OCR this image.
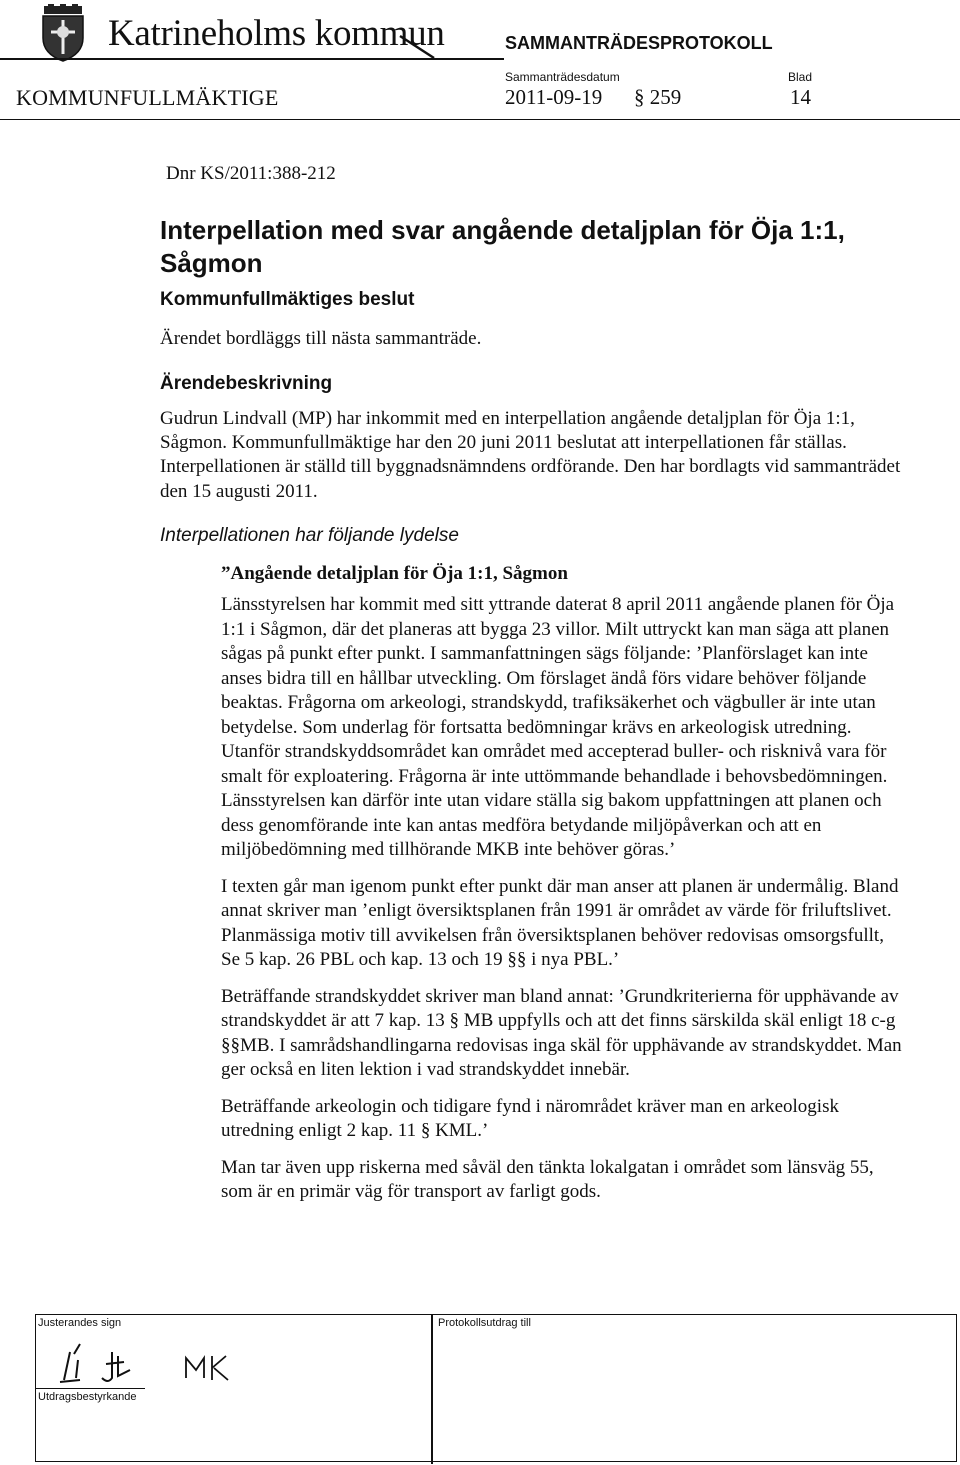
Katrineholms kommun	SAMMANTRÄDESPROTOKOLL
KOMMUNFULLMÄKTIGE
Sammanträdesdatum
2011-09-19 § 259
Blad
14
Dnr KS/2011:388-212
Interpellation med svar angående detaljplan för Öja 1:1, Sågmon
Kommunfullmäktiges beslut
Ärendet bordläggs till nästa sammanträde.
Ärendebeskrivning
Gudrun Lindvall (MP) har inkommit med en interpellation angående detaljplan för Öja 1:1, Sågmon. Kommunfullmäktige har den 20 juni 2011 beslutat att interpellationen får ställas. Interpellationen är ställd till byggnadsnämndens ordförande. Den har bordlagts vid sammanträdet den 15 augusti 2011.
Interpellationen har följande lydelse
”Angående detaljplan för Öja 1:1, Sågmon

Länsstyrelsen har kommit med sitt yttrande daterat 8 april 2011 angående planen för Öja 1:1 i Sågmon, där det planeras att bygga 23 villor. Milt uttryckt kan man säga att planen sågas på punkt efter punkt. I sammanfattningen sägs följande: ’Planförslaget kan inte anses bidra till en hållbar utveckling. Om förslaget ändå förs vidare behöver följande beaktas. Frågorna om arkeologi, strandskydd, trafiksäkerhet och vägbuller är inte utan betydelse. Som underlag för fortsatta bedömningar krävs en arkeologisk utredning. Utanför strandskyddsområdet kan området med accepterad buller- och risknivå vara för smalt för exploatering. Frågorna är inte uttömmande behandlade i behovsbedömningen. Länsstyrelsen kan därför inte utan vidare ställa sig bakom uppfattningen att planen och dess genomförande inte kan antas medföra betydande miljöpåverkan och att en miljöbedömning med tillhörande MKB inte behöver göras.’

I texten går man igenom punkt efter punkt där man anser att planen är undermålig. Bland annat skriver man ’enligt översiktsplanen från 1991 är området av värde för friluftslivet. Planmässiga motiv till avvikelsen från översiktsplanen behöver redovisas omsorgsfullt, Se 5 kap. 26 PBL och kap. 13 och 19 §§ i nya PBL.’

Beträffande strandskyddet skriver man bland annat: ’Grundkriterierna för upphävande av strandskyddet är att 7 kap. 13 § MB uppfylls och att det finns särskilda skäl enligt 18 c-g §§MB. I samrådshandlingarna redovisas inga skäl för upphävande av strandskyddet. Man ger också en liten lektion i vad strandskyddet innebär.

Beträffande arkeologin och tidigare fynd i närområdet kräver man en arkeologisk utredning enligt 2 kap. 11 § KML.’

Man tar även upp riskerna med såväl den tänkta lokalgatan i området som länsväg 55, som är en primär väg för transport av farligt gods.

Justerandes sign
Utdragsbestyrkande
Protokollsutdrag till
